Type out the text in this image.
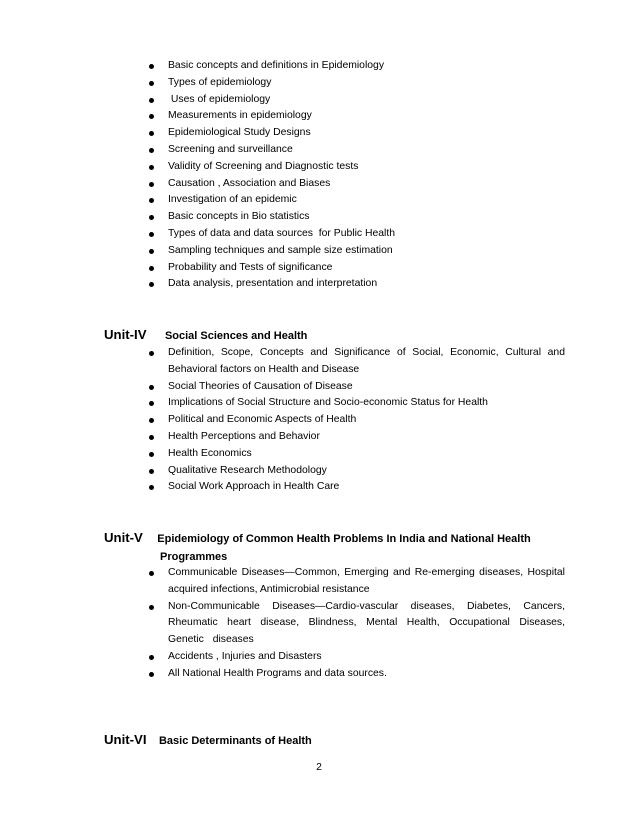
Basic concepts and definitions in Epidemiology
Types of epidemiology
Uses of epidemiology
Measurements in epidemiology
Epidemiological Study Designs
Screening and surveillance
Validity of Screening and Diagnostic tests
Causation , Association and Biases
Investigation of an epidemic
Basic concepts in Bio statistics
Types of data and data sources  for Public Health
Sampling techniques and sample size estimation
Probability and Tests of significance
Data analysis, presentation and interpretation
Unit-IV Social Sciences and Health
Definition, Scope, Concepts and Significance of Social, Economic, Cultural and Behavioral factors on Health and Disease
Social Theories of Causation of Disease
Implications of Social Structure and Socio-economic Status for Health
Political and Economic Aspects of Health
Health Perceptions and Behavior
Health Economics
Qualitative Research Methodology
Social Work Approach in Health Care
Unit-V Epidemiology of Common Health Problems In India and National Health
Programmes
Communicable Diseases—Common, Emerging and Re-emerging diseases, Hospital acquired infections, Antimicrobial resistance
Non-Communicable Diseases—Cardio-vascular diseases, Diabetes, Cancers, Rheumatic heart disease, Blindness, Mental Health, Occupational Diseases, Genetic diseases
Accidents , Injuries and Disasters
All National Health Programs and data sources.
Unit-VI Basic Determinants of Health
2
